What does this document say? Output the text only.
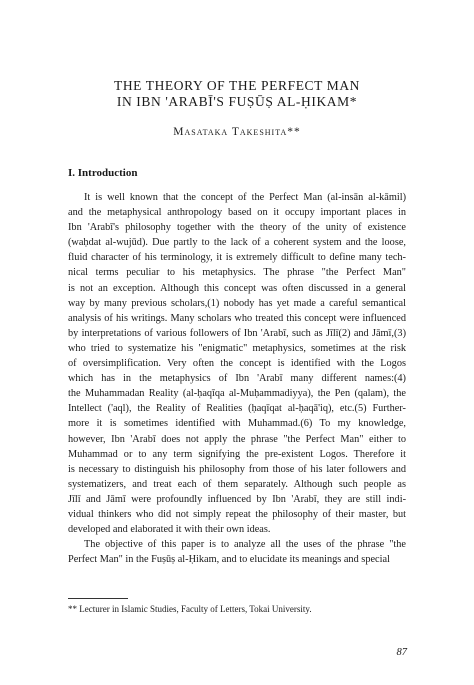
THE THEORY OF THE PERFECT MAN
IN IBN 'ARABĪ'S FUṢŪṢ AL-ḤIKAM*
Masataka Takeshita**
I. Introduction
It is well known that the concept of the Perfect Man (al-insān al-kāmil)
and the metaphysical anthropology based on it occupy important places in
Ibn 'Arabī's philosophy together with the theory of the unity of existence
(waḥdat al-wujūd). Due partly to the lack of a coherent system and the loose,
fluid character of his terminology, it is extremely difficult to define many tech-
nical terms peculiar to his metaphysics. The phrase "the Perfect Man"
is not an exception. Although this concept was often discussed in a general
way by many previous scholars,(1) nobody has yet made a careful semantical
analysis of his writings. Many scholars who treated this concept were influenced
by interpretations of various followers of Ibn 'Arabī, such as Jīlī(2) and Jāmī,(3)
who tried to systematize his "enigmatic" metaphysics, sometimes at the risk
of oversimplification. Very often the concept is identified with the Logos
which has in the metaphysics of Ibn 'Arabī many different names:(4)
the Muhammadan Reality (al-ḥaqīqa al-Muḥammadiyya), the Pen (qalam), the
Intellect ('aql), the Reality of Realities (ḥaqīqat al-ḥaqā'iq), etc.(5) Further-
more it is sometimes identified with Muhammad.(6) To my knowledge,
however, Ibn 'Arabī does not apply the phrase "the Perfect Man" either to
Muhammad or to any term signifying the pre-existent Logos. Therefore it
is necessary to distinguish his philosophy from those of his later followers and
systematizers, and treat each of them separately. Although such people as
Jīlī and Jāmī were profoundly influenced by Ibn 'Arabī, they are still indi-
vidual thinkers who did not simply repeat the philosophy of their master, but
developed and elaborated it with their own ideas.
The objective of this paper is to analyze all the uses of the phrase "the
Perfect Man" in the Fuṣūṣ al-Ḥikam, and to elucidate its meanings and special
** Lecturer in Islamic Studies, Faculty of Letters, Tokai University.
87
